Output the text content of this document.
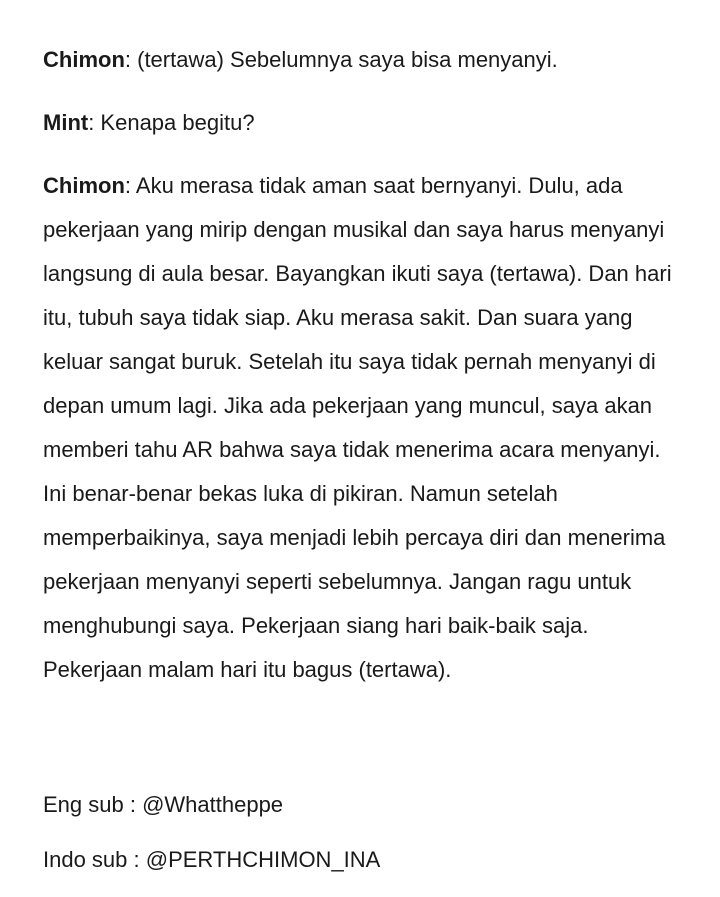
Chimon: (tertawa) Sebelumnya saya bisa menyanyi.

Mint: Kenapa begitu?

Chimon: Aku merasa tidak aman saat bernyanyi. Dulu, ada pekerjaan yang mirip dengan musikal dan saya harus menyanyi langsung di aula besar. Bayangkan ikuti saya (tertawa). Dan hari itu, tubuh saya tidak siap. Aku merasa sakit. Dan suara yang keluar sangat buruk. Setelah itu saya tidak pernah menyanyi di depan umum lagi. Jika ada pekerjaan yang muncul, saya akan memberi tahu AR bahwa saya tidak menerima acara menyanyi. Ini benar-benar bekas luka di pikiran. Namun setelah memperbaikinya, saya menjadi lebih percaya diri dan menerima pekerjaan menyanyi seperti sebelumnya. Jangan ragu untuk menghubungi saya. Pekerjaan siang hari baik-baik saja. Pekerjaan malam hari itu bagus (tertawa).

Eng sub : @Whattheppe
Indo sub : @PERTHCHIMON_INA
